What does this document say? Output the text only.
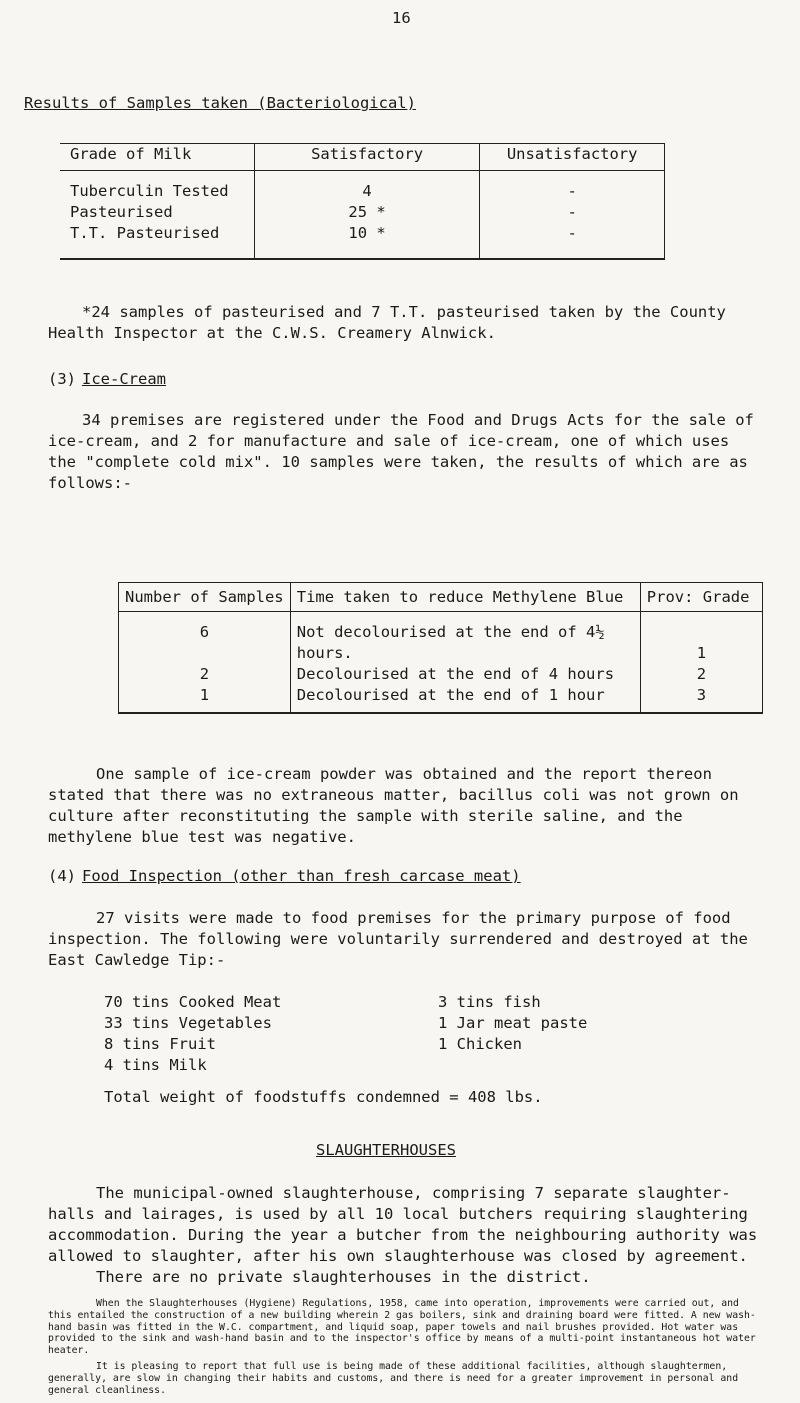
16
Results of Samples taken (Bacteriological)
Grade of Milk	Satisfactory	Unsatisfactory
Tuberculin Tested	4	-
Pasteurised	25 *	-
T.T. Pasteurised	10 *	-
*24 samples of pasteurised and 7 T.T. pasteurised taken by the County Health Inspector at the C.W.S. Creamery Alnwick.
(3) Ice-Cream
34 premises are registered under the Food and Drugs Acts for the sale of ice-cream, and 2 for manufacture and sale of ice-cream, one of which uses the "complete cold mix". 10 samples were taken, the results of which are as follows:-
Number of Samples	Time taken to reduce Methylene Blue	Prov: Grade
6	Not decolourised at the end of 4½ hours.	1
2	Decolourised at the end of 4 hours	2
1	Decolourised at the end of 1 hour	3
One sample of ice-cream powder was obtained and the report thereon stated that there was no extraneous matter, bacillus coli was not grown on culture after reconstituting the sample with sterile saline, and the methylene blue test was negative.
(4) Food Inspection (other than fresh carcase meat)
27 visits were made to food premises for the primary purpose of food inspection. The following were voluntarily surrendered and destroyed at the East Cawledge Tip:-
70 tins Cooked Meat
33 tins Vegetables
8 tins Fruit
4 tins Milk
3 tins fish
1 Jar meat paste
1 Chicken
Total weight of foodstuffs condemned = 408 lbs.
SLAUGHTERHOUSES
The municipal-owned slaughterhouse, comprising 7 separate slaughter-halls and lairages, is used by all 10 local butchers requiring slaughtering accommodation. During the year a butcher from the neighbouring authority was allowed to slaughter, after his own slaughterhouse was closed by agreement.
There are no private slaughterhouses in the district.
When the Slaughterhouses (Hygiene) Regulations, 1958, came into operation, improvements were carried out, and this entailed the construction of a new building wherein 2 gas boilers, sink and draining board were fitted. A new wash-hand basin was fitted in the W.C. compartment, and liquid soap, paper towels and nail brushes provided. Hot water was provided to the sink and wash-hand basin and to the inspector's office by means of a multi-point instantaneous hot water heater.
It is pleasing to report that full use is being made of these additional facilities, although slaughtermen, generally, are slow in changing their habits and customs, and there is need for a greater improvement in personal and general cleanliness.
